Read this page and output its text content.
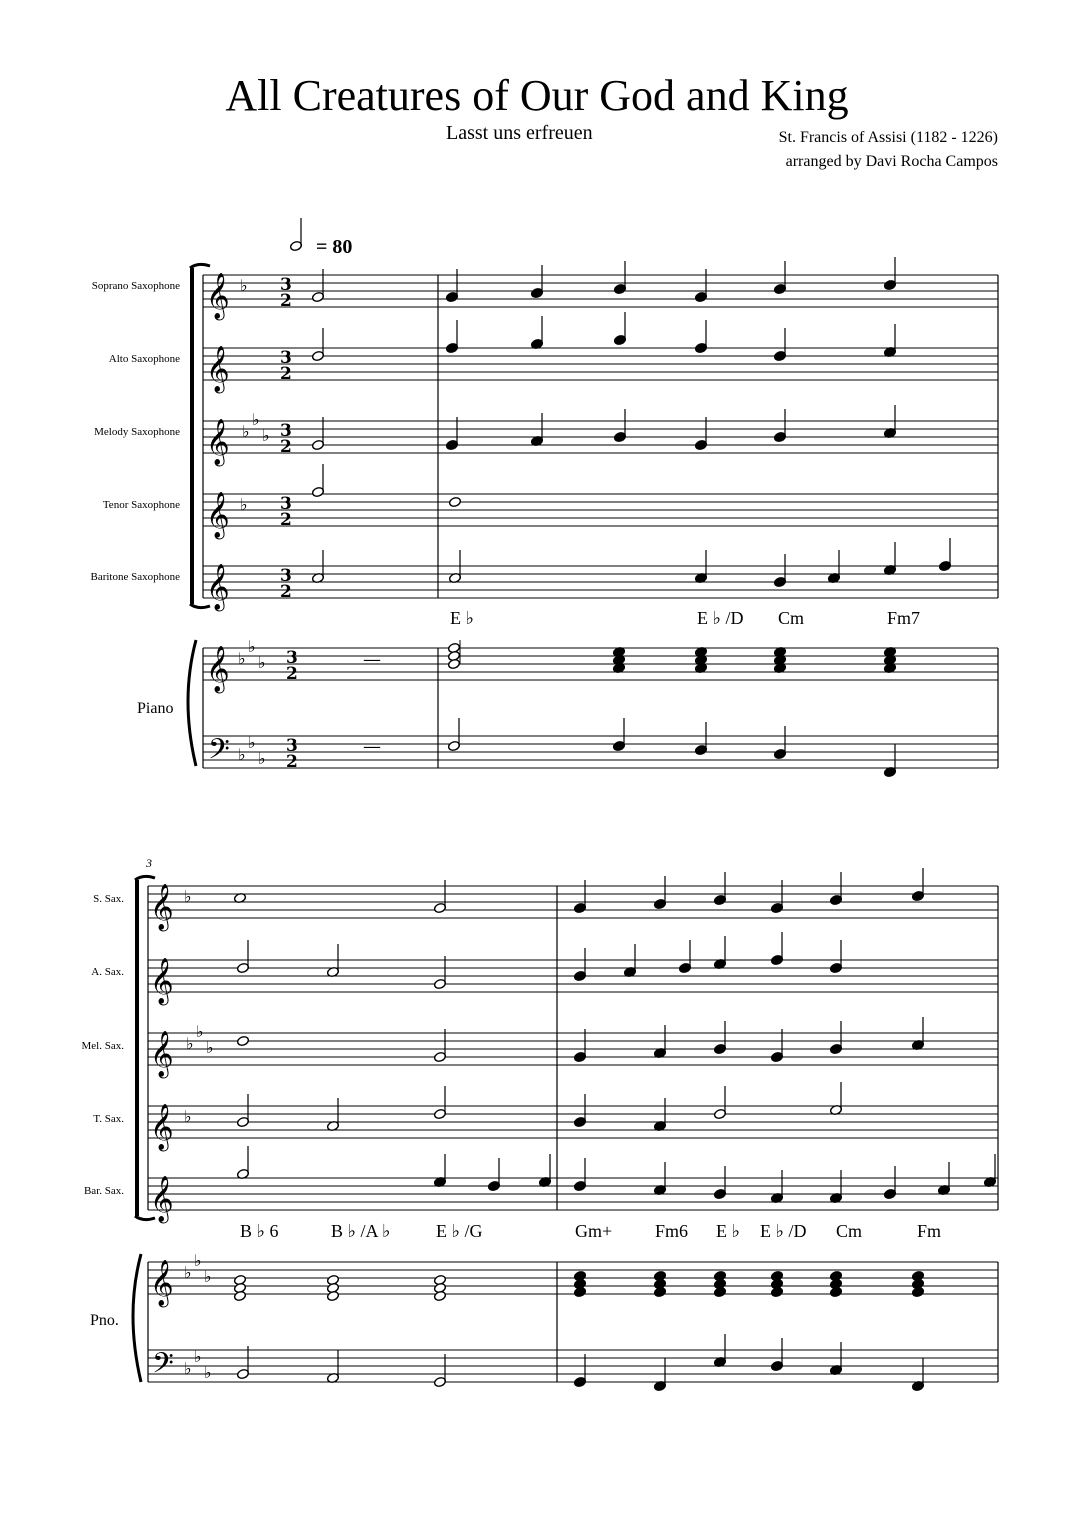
All Creatures of Our God and King
Lasst uns erfreuen	St. Francis of Assisi (1182 - 1226)
arranged by Davi Rocha Campos
= 80
Soprano Saxophone
Alto Saxophone
Melody Saxophone
Tenor Saxophone
Baritone Saxophone
Piano
E ♭	E ♭ /D Cm	Fm7
3
S. Sax.
A. Sax.
Mel. Sax.
T. Sax.
Bar. Sax.
Pno.
B ♭ 6	B ♭ /A ♭	E ♭ /G	Gm+ Fm6 E ♭ E ♭ /D Cm	Fm
𝄞
𝄞
𝄞
𝄞
𝄞
𝄞
𝄢
𝄞
𝄞
𝄞
𝄞
𝄞
𝄞
𝄢
♭
♭
♭
♭
♭
♭
♭
♭
♭
♭
♭
3
2
3
2
3
2
3
2
3
2
3
2
3
2
♭
♭
♭
♭
♭
♭
♭
♭
♭
♭
♭
—
—
